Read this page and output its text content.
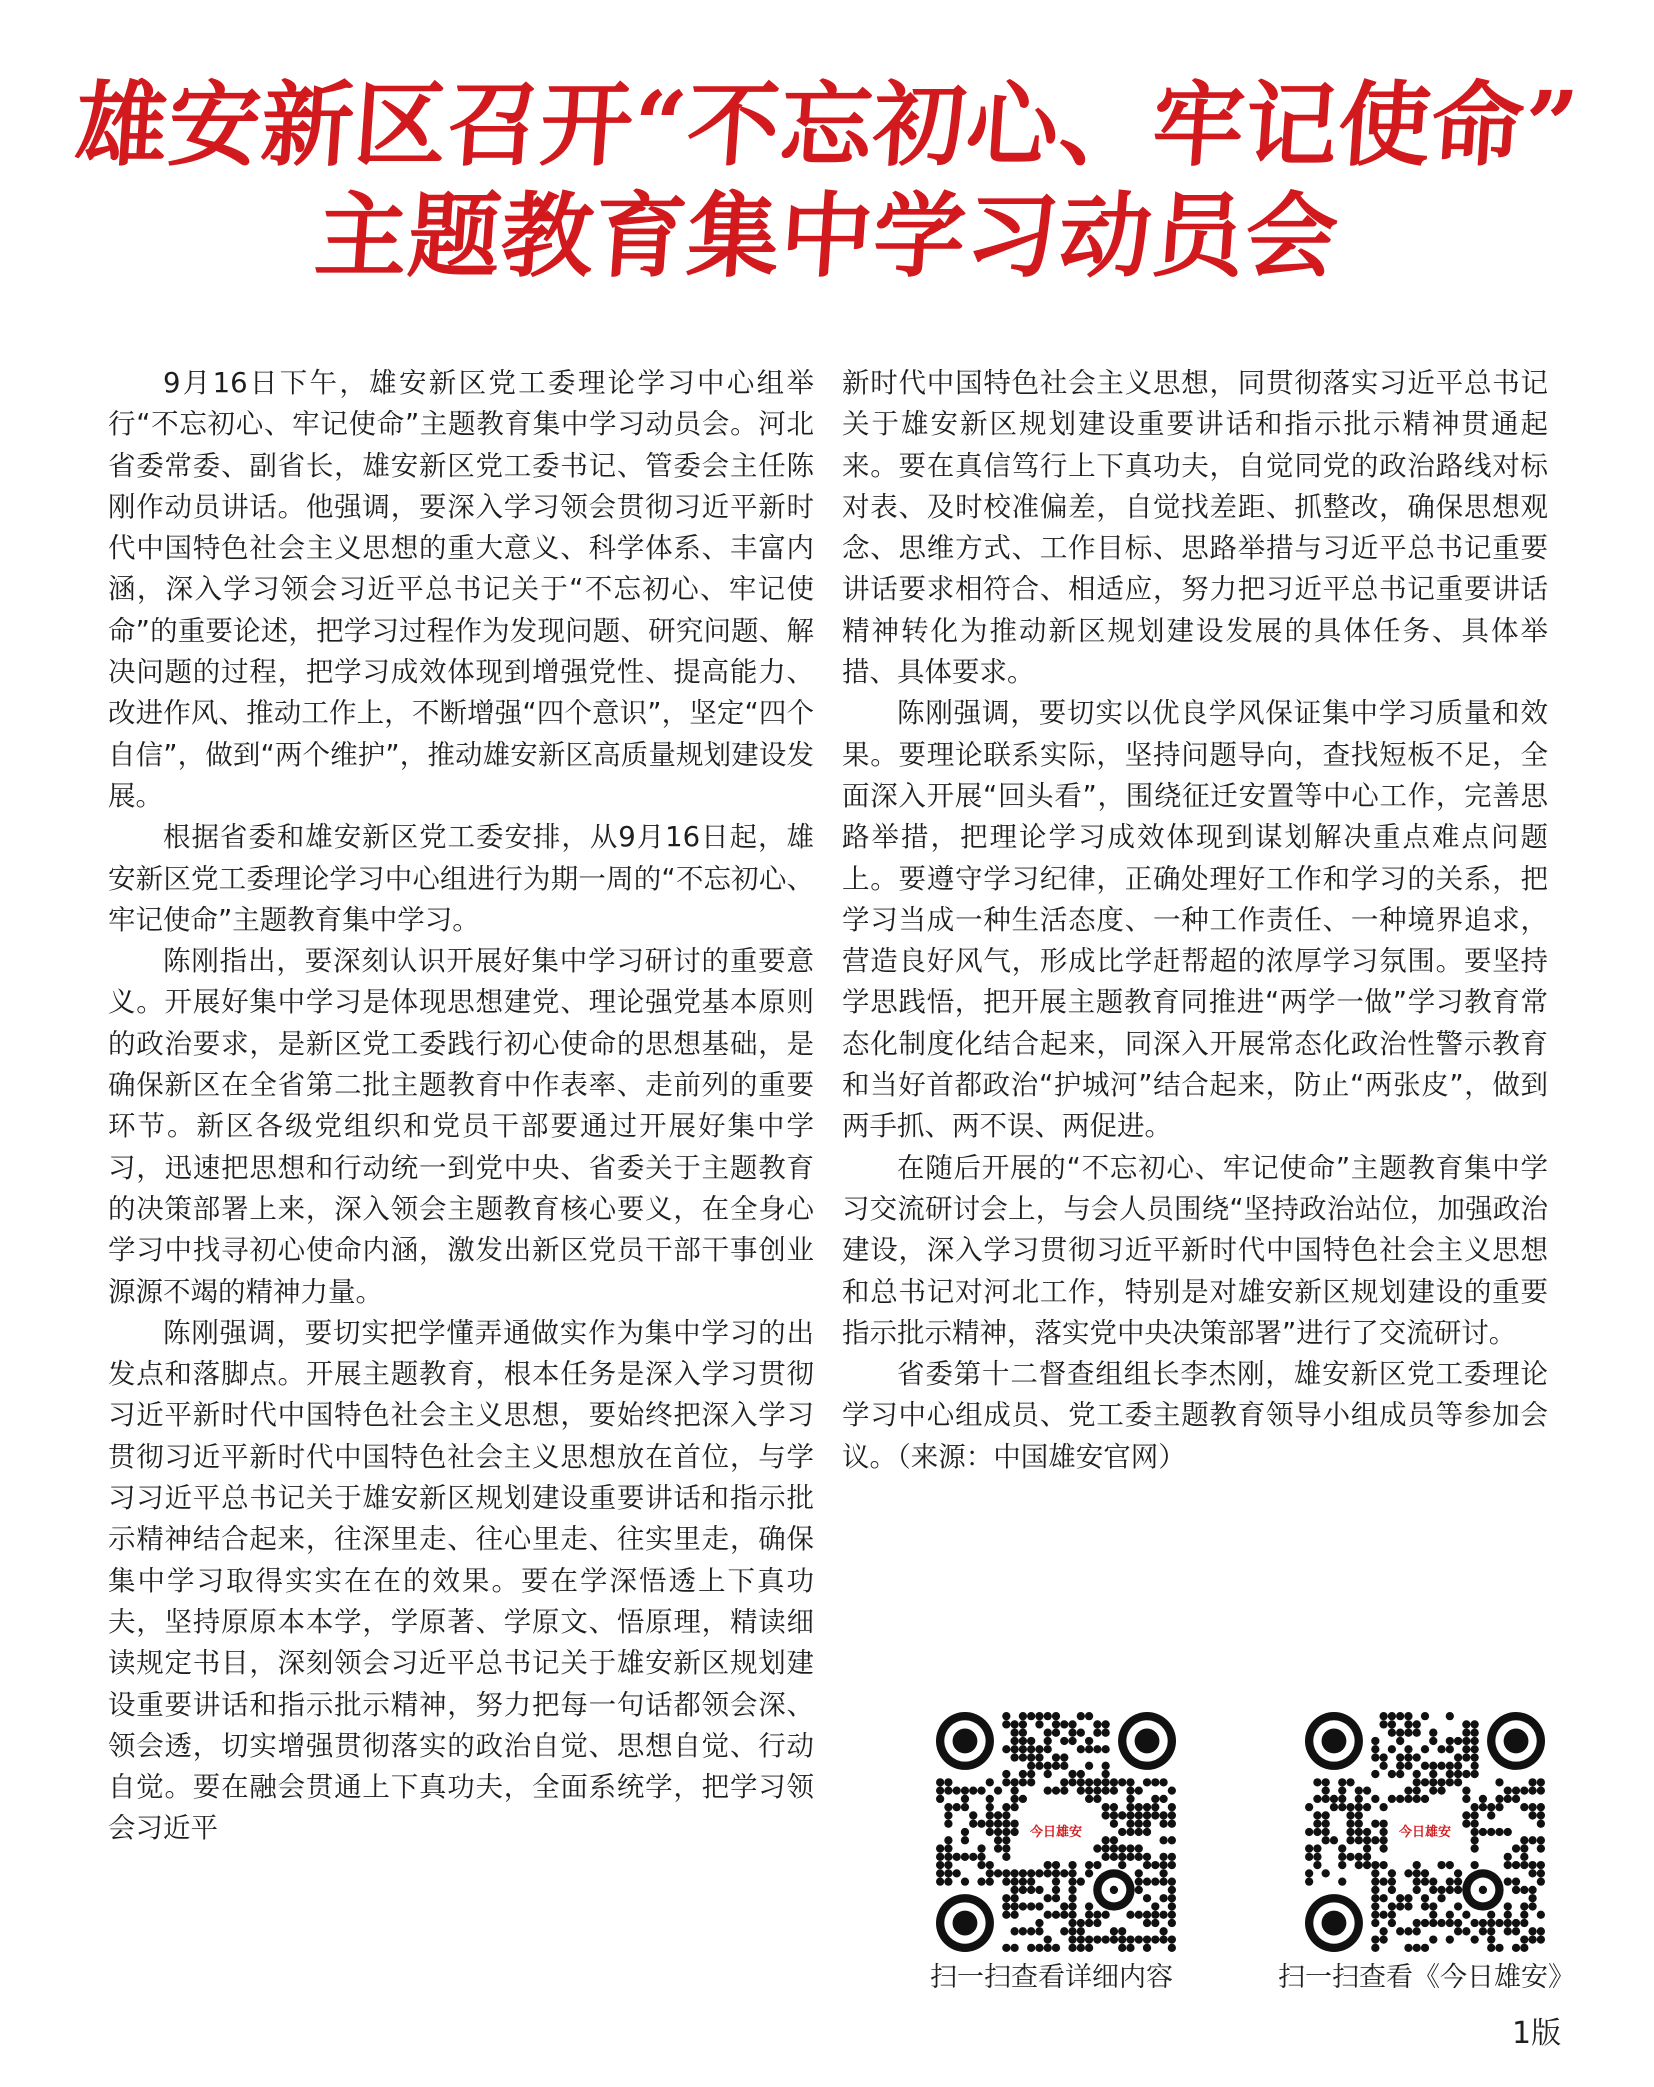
雄安新区召开“不忘初心、牢记使命”
主题教育集中学习动员会

9月16日下午，雄安新区党工委理论学习中心组举行“不忘初心、牢记使命”主题教育集中学习动员会。河北省委常委、副省长，雄安新区党工委书记、管委会主任陈刚作动员讲话。他强调，要深入学习领会贯彻习近平新时代中国特色社会主义思想的重大意义、科学体系、丰富内涵，深入学习领会习近平总书记关于“不忘初心、牢记使命”的重要论述，把学习过程作为发现问题、研究问题、解决问题的过程，把学习成效体现到增强党性、提高能力、改进作风、推动工作上，不断增强“四个意识”，坚定“四个自信”，做到“两个维护”，推动雄安新区高质量规划建设发展。

根据省委和雄安新区党工委安排，从9月16日起，雄安新区党工委理论学习中心组进行为期一周的“不忘初心、牢记使命”主题教育集中学习。

陈刚指出，要深刻认识开展好集中学习研讨的重要意义。开展好集中学习是体现思想建党、理论强党基本原则的政治要求，是新区党工委践行初心使命的思想基础，是确保新区在全省第二批主题教育中作表率、走前列的重要环节。新区各级党组织和党员干部要通过开展好集中学习，迅速把思想和行动统一到党中央、省委关于主题教育的决策部署上来，深入领会主题教育核心要义，在全身心学习中找寻初心使命内涵，激发出新区党员干部干事创业源源不竭的精神力量。

陈刚强调，要切实把学懂弄通做实作为集中学习的出发点和落脚点。开展主题教育，根本任务是深入学习贯彻习近平新时代中国特色社会主义思想，要始终把深入学习贯彻习近平新时代中国特色社会主义思想放在首位，与学习习近平总书记关于雄安新区规划建设重要讲话和指示批示精神结合起来，往深里走、往心里走、往实里走，确保集中学习取得实实在在的效果。要在学深悟透上下真功夫，坚持原原本本学，学原著、学原文、悟原理，精读细读规定书目，深刻领会习近平总书记关于雄安新区规划建设重要讲话和指示批示精神，努力把每一句话都领会深、领会透，切实增强贯彻落实的政治自觉、思想自觉、行动自觉。要在融会贯通上下真功夫，全面系统学，把学习领会习近平

新时代中国特色社会主义思想，同贯彻落实习近平总书记关于雄安新区规划建设重要讲话和指示批示精神贯通起来。要在真信笃行上下真功夫，自觉同党的政治路线对标对表、及时校准偏差，自觉找差距、抓整改，确保思想观念、思维方式、工作目标、思路举措与习近平总书记重要讲话要求相符合、相适应，努力把习近平总书记重要讲话精神转化为推动新区规划建设发展的具体任务、具体举措、具体要求。

陈刚强调，要切实以优良学风保证集中学习质量和效果。要理论联系实际，坚持问题导向，查找短板不足，全面深入开展“回头看”，围绕征迁安置等中心工作，完善思路举措，把理论学习成效体现到谋划解决重点难点问题上。要遵守学习纪律，正确处理好工作和学习的关系，把学习当成一种生活态度、一种工作责任、一种境界追求，营造良好风气，形成比学赶帮超的浓厚学习氛围。要坚持学思践悟，把开展主题教育同推进“两学一做”学习教育常态化制度化结合起来，同深入开展常态化政治性警示教育和当好首都政治“护城河”结合起来，防止“两张皮”，做到两手抓、两不误、两促进。

在随后开展的“不忘初心、牢记使命”主题教育集中学习交流研讨会上，与会人员围绕“坚持政治站位，加强政治建设，深入学习贯彻习近平新时代中国特色社会主义思想和总书记对河北工作，特别是对雄安新区规划建设的重要指示批示精神，落实党中央决策部署”进行了交流研讨。

省委第十二督查组组长李杰刚，雄安新区党工委理论学习中心组成员、党工委主题教育领导小组成员等参加会议。（来源：中国雄安官网）

今日雄安
扫一扫查看详细内容
今日雄安
扫一扫查看《今日雄安》
1版
